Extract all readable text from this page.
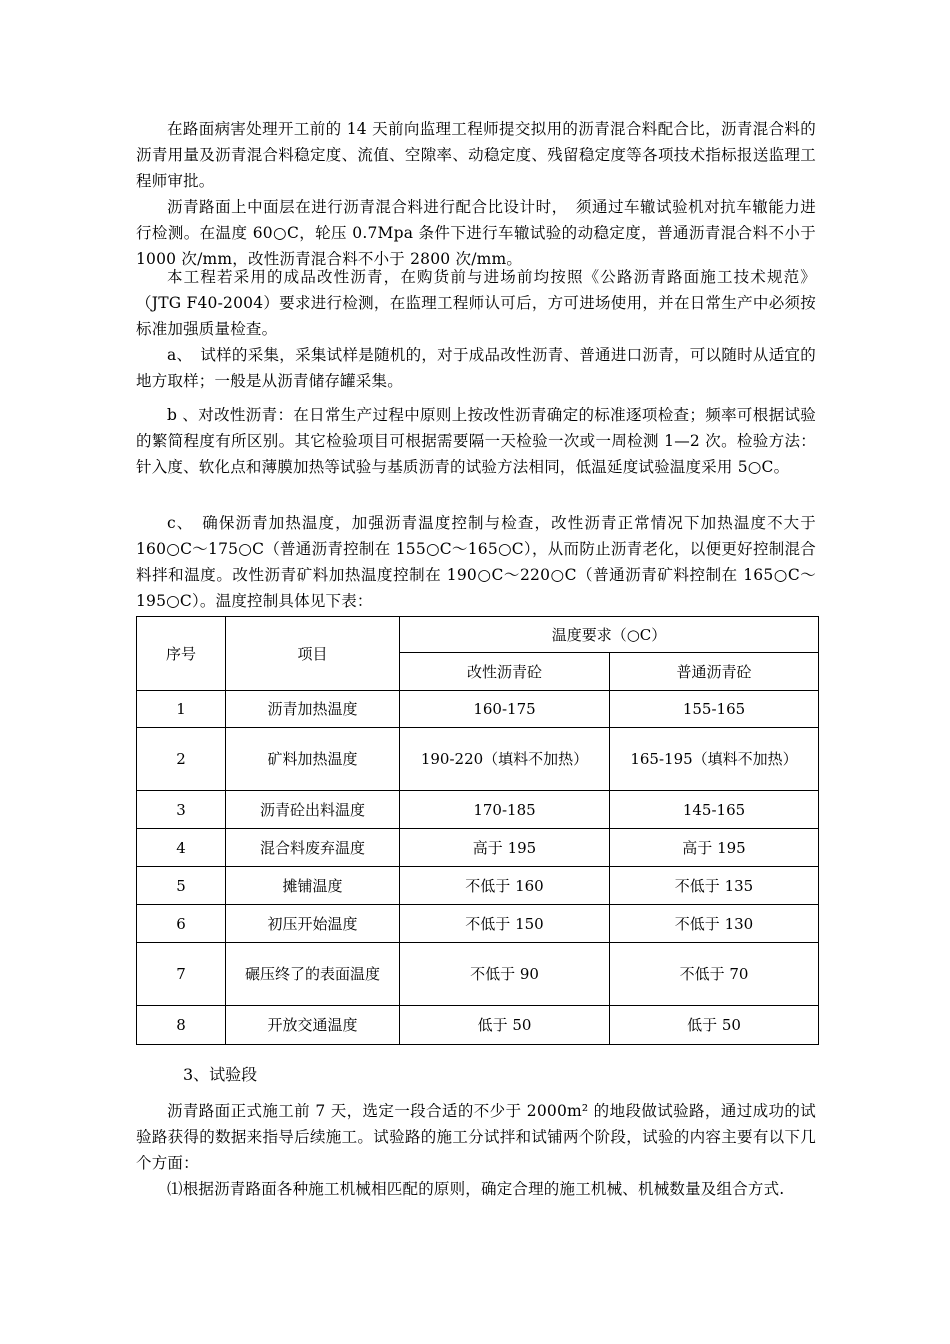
在路面病害处理开工前的 14 天前向监理工程师提交拟用的沥青混合料配合比，沥青混合料的沥青用量及沥青混合料稳定度、流值、空隙率、动稳定度、残留稳定度等各项技术指标报送监理工程师审批。

沥青路面上中面层在进行沥青混合料进行配合比设计时，　须通过车辙试验机对抗车辙能力进行检测。在温度 60○C，轮压 0.7Mpa 条件下进行车辙试验的动稳定度，普通沥青混合料不小于 1000 次/mm，改性沥青混合料不小于 2800 次/mm。

本工程若采用的成品改性沥青，在购货前与进场前均按照《公路沥青路面施工技术规范》（JTG F40-2004）要求进行检测，在监理工程师认可后，方可进场使用，并在日常生产中必须按标准加强质量检查。

a、　试样的采集，采集试样是随机的，对于成品改性沥青、普通进口沥青，可以随时从适宜的地方取样；一般是从沥青储存罐采集。

b 、对改性沥青：在日常生产过程中原则上按改性沥青确定的标准逐项检查；频率可根据试验的繁简程度有所区别。其它检验项目可根据需要隔一天检验一次或一周检测 1—2 次。检验方法：针入度、软化点和薄膜加热等试验与基质沥青的试验方法相同，低温延度试验温度采用 5○C。

c、　确保沥青加热温度，加强沥青温度控制与检查，改性沥青正常情况下加热温度不大于 160○C～175○C（普通沥青控制在 155○C～165○C），从而防止沥青老化，以便更好控制混合料拌和温度。改性沥青矿料加热温度控制在 190○C～220○C（普通沥青矿料控制在 165○C～195○C）。温度控制具体见下表：

序号	项目	温度要求（○C）	
		改性沥青砼	普通沥青砼
1	沥青加热温度	160-175	155-165
2	矿料加热温度	190-220（填料不加热）	165-195（填料不加热）
3	沥青砼出料温度	170-185	145-165
4	混合料废弃温度	高于 195	高于 195
5	摊铺温度	不低于 160	不低于 135
6	初压开始温度	不低于 150	不低于 130
7	碾压终了的表面温度	不低于 90	不低于 70
8	开放交通温度	低于 50	低于 50

3、试验段

沥青路面正式施工前 7 天，选定一段合适的不少于 2000m² 的地段做试验路，通过成功的试验路获得的数据来指导后续施工。试验路的施工分试拌和试铺两个阶段，试验的内容主要有以下几个方面：

⑴根据沥青路面各种施工机械相匹配的原则，确定合理的施工机械、机械数量及组合方式.
